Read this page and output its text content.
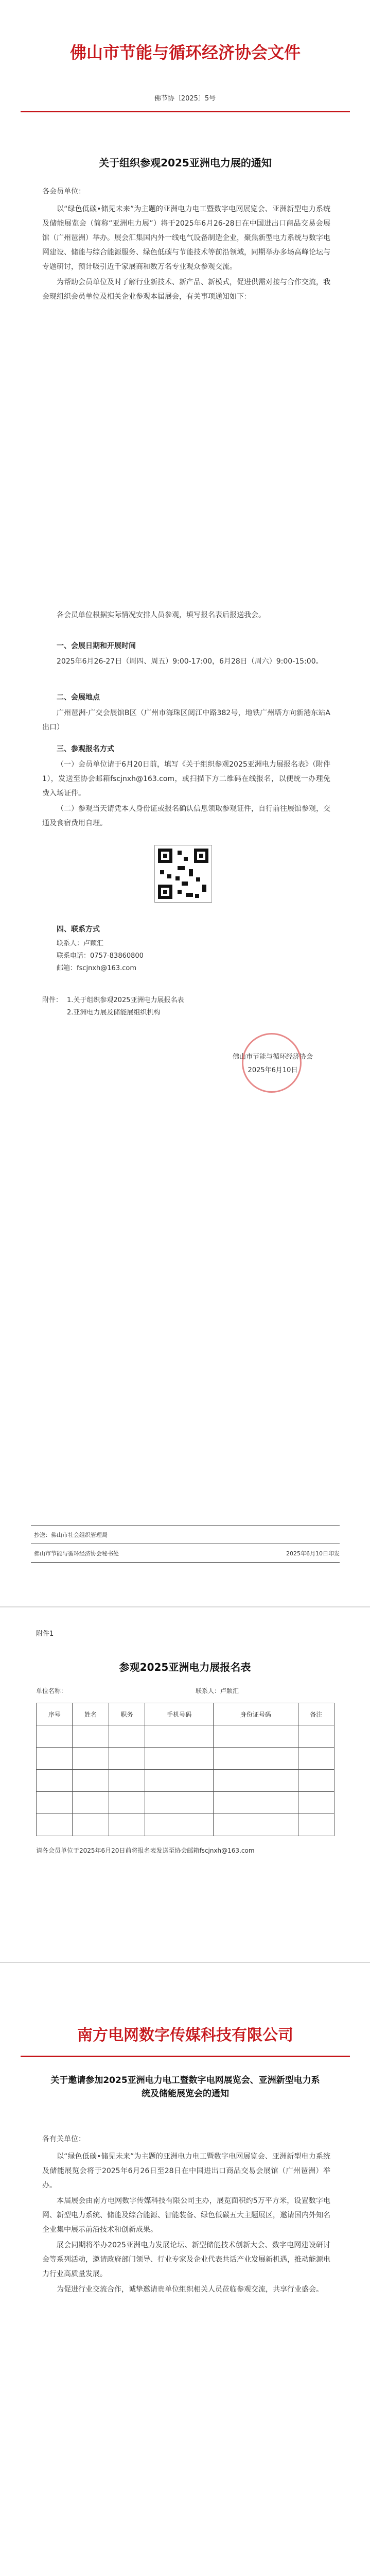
佛山市节能与循环经济协会文件
佛节协〔2025〕5号
关于组织参观2025亚洲电力展的通知
各会员单位：

以“绿色低碳•储见未来”为主题的亚洲电力电工暨数字电网展览会、亚洲新型电力系统及储能展览会（简称“亚洲电力展”）将于2025年6月26-28日在中国进出口商品交易会展馆（广州琶洲）举办。展会汇集国内外一线电气设备制造企业，聚焦新型电力系统与数字电网建设、储能与综合能源服务、绿色低碳与节能技术等前沿领域，同期举办多场高峰论坛与专题研讨，预计吸引近千家展商和数万名专业观众参观交流。

为帮助会员单位及时了解行业新技术、新产品、新模式，促进供需对接与合作交流，我会现组织会员单位及相关企业参观本届展会，有关事项通知如下：

各会员单位根据实际情况安排人员参观，填写报名表后报送我会。

一、会展日期和开展时间

2025年6月26-27日（周四、周五）9:00-17:00，6月28日（周六）9:00-15:00。

二、会展地点

广州琶洲·广交会展馆B区（广州市海珠区阅江中路382号，地铁广州塔方向新港东站A出口）

三、参观报名方式

（一）会员单位请于6月20日前，填写《关于组织参观2025亚洲电力展报名表》（附件1），发送至协会邮箱fscjnxh@163.com，或扫描下方二维码在线报名，以便统一办理免费入场证件。

（二）参观当天请凭本人身份证或报名确认信息领取参观证件，自行前往展馆参观，交通及食宿费用自理。

四、联系方式
联系人：卢颖汇
联系电话：0757-83860800
邮箱：fscjnxh@163.com
附件： 1.关于组织参观2025亚洲电力展报名表
2.亚洲电力展及储能展组织机构
佛山市节能与循环经济协会
2025年6月10日
抄送：佛山市社会组织管理局
佛山市节能与循环经济协会秘书处	2025年6月10日印发
附件1
参观2025亚洲电力展报名表
单位名称：	联系人：卢颖汇
序号	姓名	职务	手机号码	身份证号码	备注

请各会员单位于2025年6月20日前将报名表发送至协会邮箱fscjnxh@163.com
南方电网数字传媒科技有限公司
关于邀请参加2025亚洲电力电工暨数字电网展览会、亚洲新型电力系统及储能展览会的通知
各有关单位：

以“绿色低碳•储见未来”为主题的亚洲电力电工暨数字电网展览会、亚洲新型电力系统及储能展览会将于2025年6月26日至28日在中国进出口商品交易会展馆（广州琶洲）举办。

本届展会由南方电网数字传媒科技有限公司主办，展览面积约5万平方米，设置数字电网、新型电力系统、储能及综合能源、智能装备、绿色低碳五大主题展区，邀请国内外知名企业集中展示前沿技术和创新成果。

展会同期将举办2025亚洲电力发展论坛、新型储能技术创新大会、数字电网建设研讨会等系列活动，邀请政府部门领导、行业专家及企业代表共话产业发展新机遇，推动能源电力行业高质量发展。

为促进行业交流合作，诚挚邀请贵单位组织相关人员莅临参观交流，共享行业盛会。
